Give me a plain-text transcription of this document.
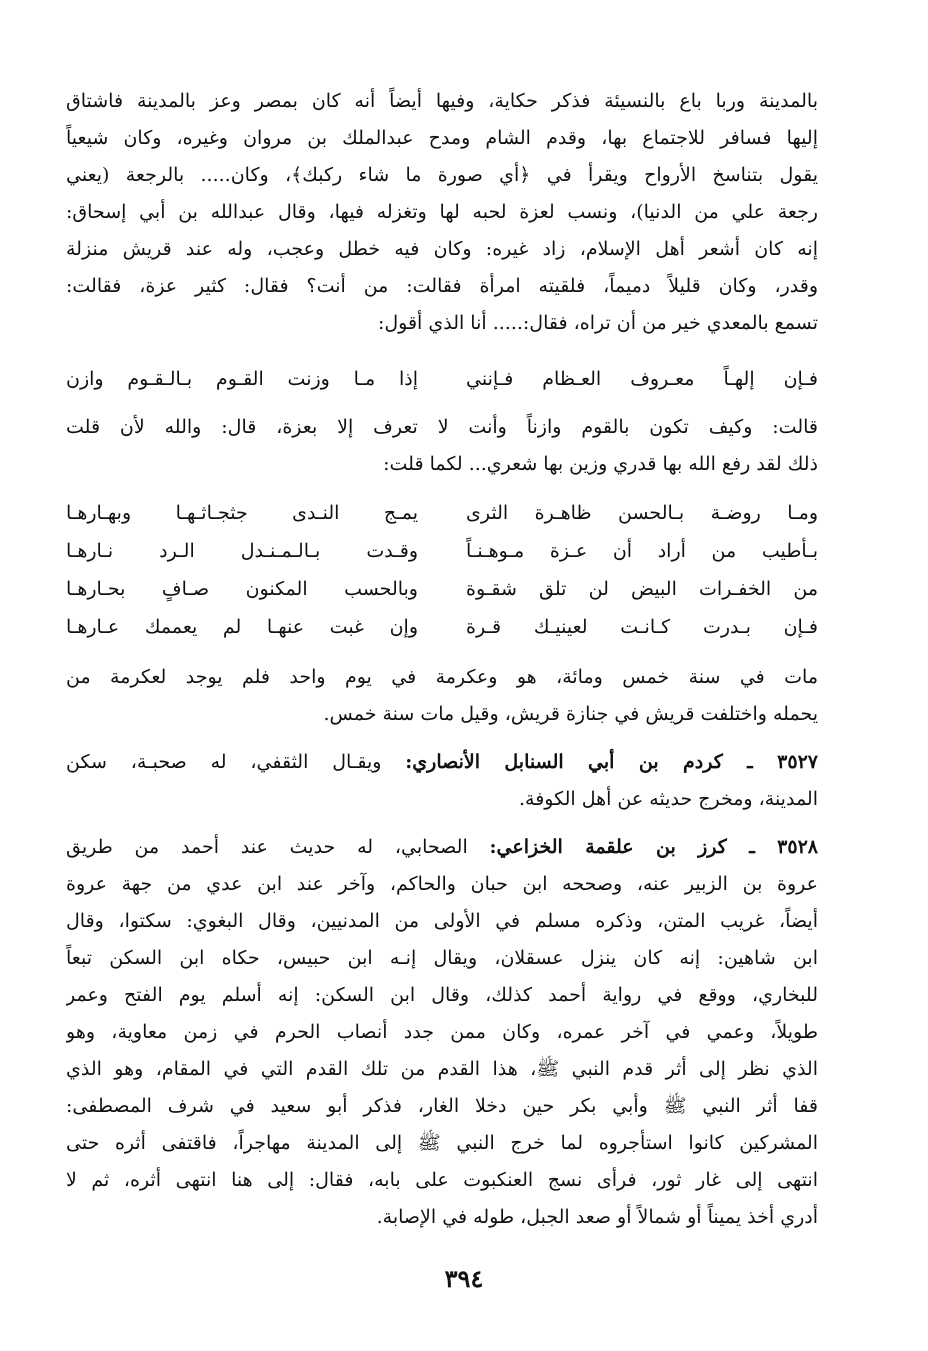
بالمدينة وربا باع بالنسيئة فذكر حكاية، وفيها أيضاً أنه كان بمصر وعز بالمدينة فاشتاق
إليها فسافر للاجتماع بها، وقدم الشام ومدح عبدالملك بن مروان وغيره، وكان شيعياً
يقول بتناسخ الأرواح ويقرأ في ﴿أي صورة ما شاء ركبك﴾، وكان..... بالرجعة (يعني
رجعة علي من الدنيا)، ونسب لعزة لحبه لها وتغزله فيها، وقال عبدالله بن أبي إسحاق:
إنه كان أشعر أهل الإسلام، زاد غيره: وكان فيه خطل وعجب، وله عند قريش منزلة
وقدر، وكان قليلاً دميماً، فلقيته امرأة فقالت: من أنت؟ فقال: كثير عزة، فقالت:
تسمع بالمعدي خير من أن تراه، فقال:..... أنا الذي أقول:
فـإن إلهـاً معـروف العـظام فـإنني
إذا مـا وزنت القـوم بـالـقـوم وازن
قالت: وكيف تكون بالقوم وازناً وأنت لا تعرف إلا بعزة، قال: والله لأن قلت
ذلك لقد رفع الله بها قدري وزين بها شعري... لكما قلت:
ومـا روضـة بـالحسن ظاهـرة الثرى
يمـج النـدى جثجـاثـهـا وبهـارهـا
بـأطيب من أراد أن عـزة مـوهـنـاً
وقـدت بـالـمـنـدل الـرد نـارهـا
من الخفـرات البيض لن تلق شقـوة
وبالحسب المكنون صـافٍ بحـارهـا
فـإن بـدرت كـانـت لعينيـك قـرة
وإن غبت عنهـا لم يعممك عـارهـا
مات في سنة خمس ومائة، هو وعكرمة في يوم واحد فلم يوجد لعكرمة من
يحمله واختلفت قريش في جنازة قريش، وقيل مات سنة خمس.
٣٥٢٧ ـ كردم بن أبي السنابل الأنصاري: ويقـال الثقفي، له صحبـة، سكن
المدينة، ومخرج حديثه عن أهل الكوفة.
٣٥٢٨ ـ كرز بن علقمة الخزاعي: الصحابي، له حديث عند أحمد من طريق
عروة بن الزبير عنه، وصححه ابن حبان والحاكم، وآخر عند ابن عدي من جهة عروة
أيضاً، غريب المتن، وذكره مسلم في الأولى من المدنيين، وقال البغوي: سكتوا، وقال
ابن شاهين: إنه كان ينزل عسقلان، ويقال إنـه ابن حبيس، حكاه ابن السكن تبعاً
للبخاري، ووقع في رواية أحمد كذلك، وقال ابن السكن: إنه أسلم يوم الفتح وعمر
طويلاً، وعمي في آخر عمره، وكان ممن جدد أنصاب الحرم في زمن معاوية، وهو
الذي نظر إلى أثر قدم النبي ﷺ، هذا القدم من تلك القدم التي في المقام، وهو الذي
قفا أثر النبي ﷺ وأبي بكر حين دخلا الغار، فذكر أبو سعيد في شرف المصطفى:
المشركين كانوا استأجروه لما خرج النبي ﷺ إلى المدينة مهاجراً، فاقتفى أثره حتى
انتهى إلى غار ثور، فرأى نسج العنكبوت على بابه، فقال: إلى هنا انتهى أثره، ثم لا
أدري أخذ يميناً أو شمالاً أو صعد الجبل، طوله في الإصابة.
٣٩٤
